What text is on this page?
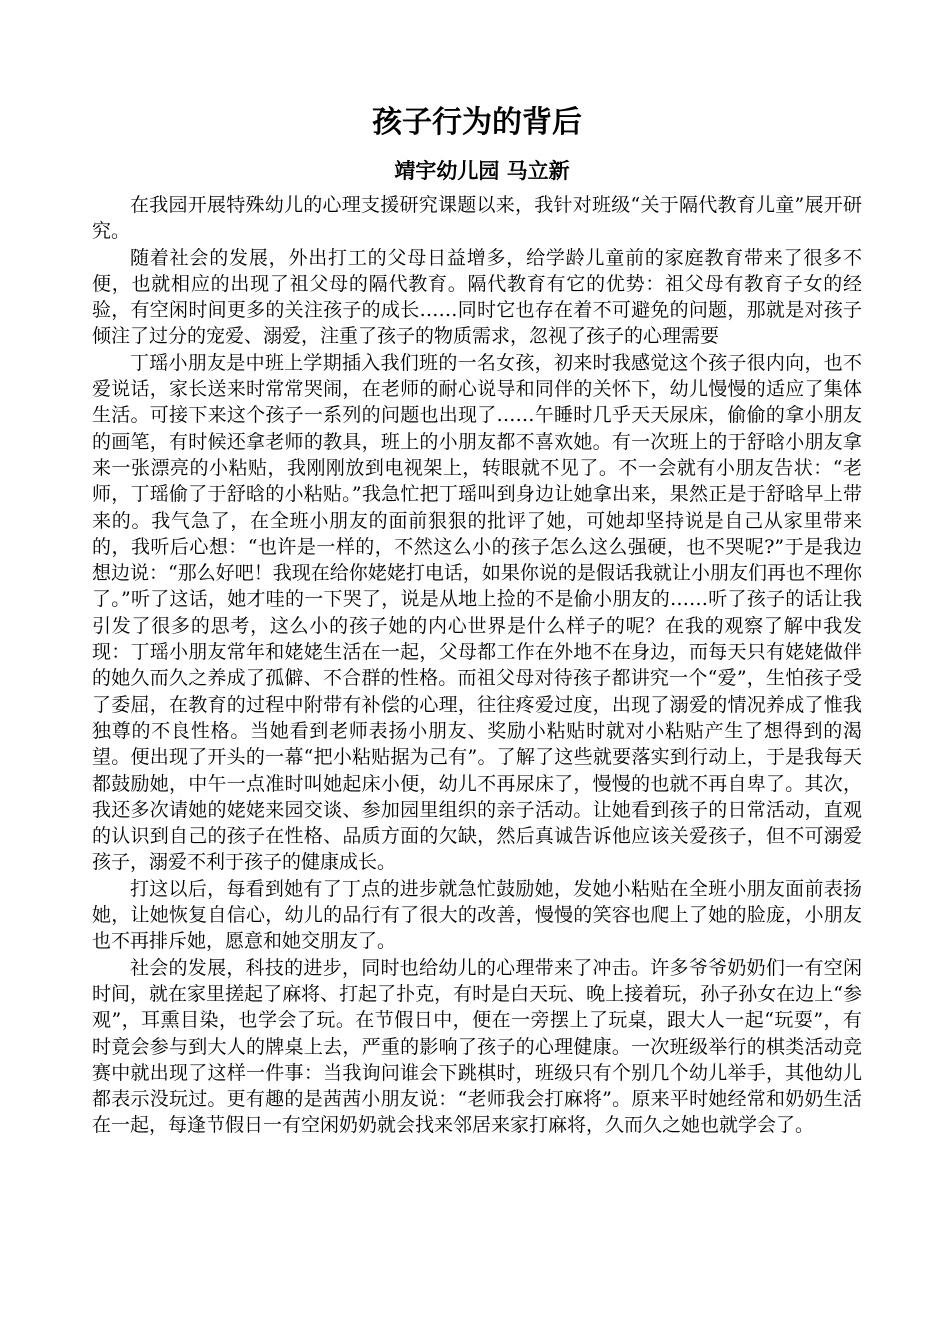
孩子行为的背后
靖宇幼儿园 马立新

在我园开展特殊幼儿的心理支援研究课题以来，我针对班级“关于隔代教育儿童”展开研究。

随着社会的发展，外出打工的父母日益增多，给学龄儿童前的家庭教育带来了很多不便，也就相应的出现了祖父母的隔代教育。隔代教育有它的优势：祖父母有教育子女的经验，有空闲时间更多的关注孩子的成长……同时它也存在着不可避免的问题，那就是对孩子倾注了过分的宠爱、溺爱，注重了孩子的物质需求，忽视了孩子的心理需要

丁瑶小朋友是中班上学期插入我们班的一名女孩，初来时我感觉这个孩子很内向，也不爱说话，家长送来时常常哭闹，在老师的耐心说导和同伴的关怀下，幼儿慢慢的适应了集体生活。可接下来这个孩子一系列的问题也出现了……午睡时几乎天天尿床，偷偷的拿小朋友的画笔，有时候还拿老师的教具，班上的小朋友都不喜欢她。有一次班上的于舒晗小朋友拿来一张漂亮的小粘贴，我刚刚放到电视架上，转眼就不见了。不一会就有小朋友告状：“老师，丁瑶偷了于舒晗的小粘贴。”我急忙把丁瑶叫到身边让她拿出来，果然正是于舒晗早上带来的。我气急了，在全班小朋友的面前狠狠的批评了她，可她却坚持说是自己从家里带来的，我听后心想：“也许是一样的，不然这么小的孩子怎么这么强硬，也不哭呢?”于是我边想边说：“那么好吧！我现在给你姥姥打电话，如果你说的是假话我就让小朋友们再也不理你了。”听了这话，她才哇的一下哭了，说是从地上捡的不是偷小朋友的……听了孩子的话让我引发了很多的思考，这么小的孩子她的内心世界是什么样子的呢？在我的观察了解中我发现：丁瑶小朋友常年和姥姥生活在一起，父母都工作在外地不在身边，而每天只有姥姥做伴的她久而久之养成了孤僻、不合群的性格。而祖父母对待孩子都讲究一个“爱”，生怕孩子受了委屈，在教育的过程中附带有补偿的心理，往往疼爱过度，出现了溺爱的情况养成了惟我独尊的不良性格。当她看到老师表扬小朋友、奖励小粘贴时就对小粘贴产生了想得到的渴望。便出现了开头的一幕“把小粘贴据为己有”。了解了这些就要落实到行动上，于是我每天都鼓励她，中午一点准时叫她起床小便，幼儿不再尿床了，慢慢的也就不再自卑了。其次，我还多次请她的姥姥来园交谈、参加园里组织的亲子活动。让她看到孩子的日常活动，直观的认识到自己的孩子在性格、品质方面的欠缺，然后真诚告诉他应该关爱孩子，但不可溺爱孩子，溺爱不利于孩子的健康成长。

打这以后，每看到她有了丁点的进步就急忙鼓励她，发她小粘贴在全班小朋友面前表扬她，让她恢复自信心，幼儿的品行有了很大的改善，慢慢的笑容也爬上了她的脸庞，小朋友也不再排斥她，愿意和她交朋友了。

社会的发展，科技的进步，同时也给幼儿的心理带来了冲击。许多爷爷奶奶们一有空闲时间，就在家里搓起了麻将、打起了扑克，有时是白天玩、晚上接着玩，孙子孙女在边上“参观”，耳熏目染，也学会了玩。在节假日中，便在一旁摆上了玩桌，跟大人一起“玩耍”，有时竟会参与到大人的牌桌上去，严重的影响了孩子的心理健康。一次班级举行的棋类活动竞赛中就出现了这样一件事：当我询问谁会下跳棋时，班级只有个别几个幼儿举手，其他幼儿都表示没玩过。更有趣的是茜茜小朋友说：“老师我会打麻将”。原来平时她经常和奶奶生活在一起，每逢节假日一有空闲奶奶就会找来邻居来家打麻将，久而久之她也就学会了。
